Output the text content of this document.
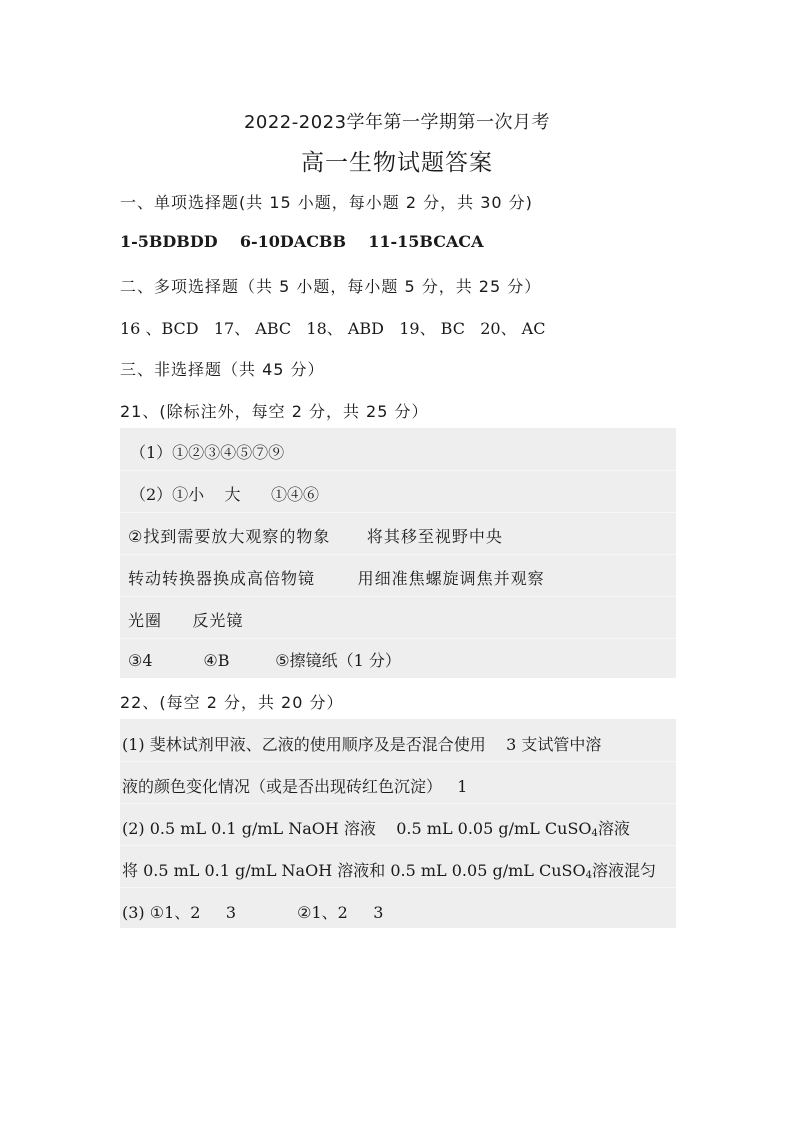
2022-2023学年第一学期第一次月考
高一生物试题答案
一、单项选择题(共 15 小题，每小题 2 分，共 30 分)
1-5BDBDD    6-10DACBB    11-15BCACA
二、多项选择题（共 5 小题，每小题 5 分，共 25 分）
16 、BCD   17、 ABC   18、 ABD   19、 BC   20、 AC
三、非选择题（共 45 分）
21、(除标注外，每空 2 分，共 25 分）
（1）①②③④⑤⑦⑨
（2）①小    大      ①④⑥
②找到需要放大观察的物象      将其移至视野中央
转动转换器换成高倍物镜       用细准焦螺旋调焦并观察
光圈     反光镜
③4          ④B         ⑤擦镜纸（1 分）
22、(每空 2 分，共 20 分）
(1) 斐林试剂甲液、乙液的使用顺序及是否混合使用    3 支试管中溶
液的颜色变化情况（或是否出现砖红色沉淀）   1
(2) 0.5 mL 0.1 g/mL NaOH 溶液    0.5 mL 0.05 g/mL CuSO$_4$溶液
将 0.5 mL 0.1 g/mL NaOH 溶液和 0.5 mL 0.05 g/mL CuSO$_4$溶液混匀
(3) ①1、2     3            ②1、2     3
